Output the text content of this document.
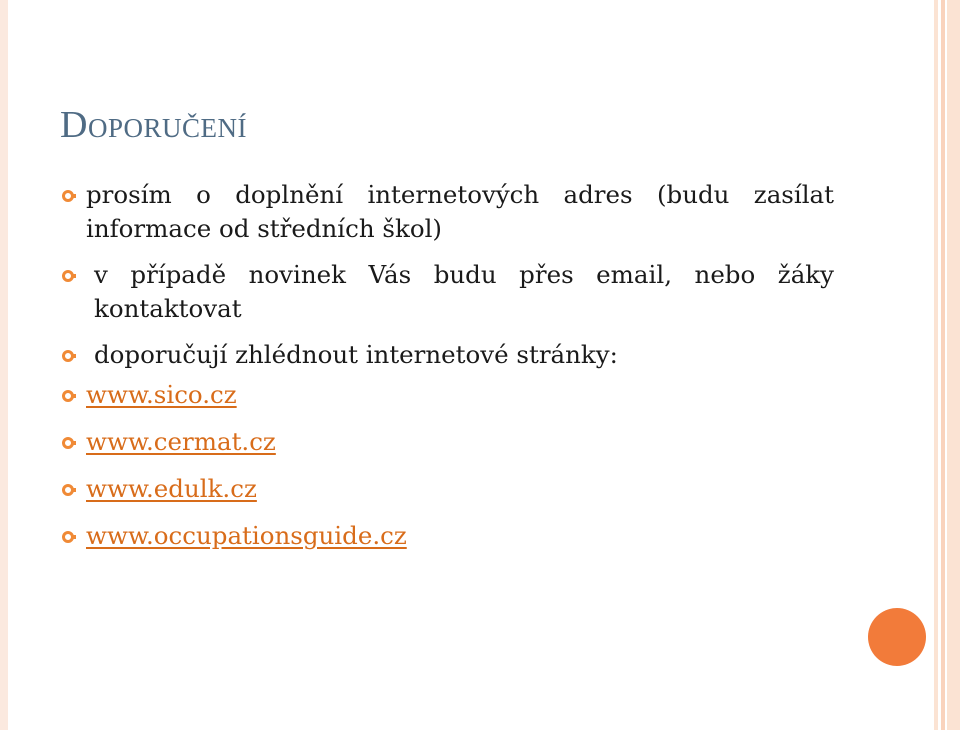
Doporučení
prosím o doplnění internetových adres (budu zasílat informace od středních škol)
v případě novinek Vás budu přes email, nebo žáky kontaktovat
doporučují zhlédnout internetové stránky:
www.sico.cz
www.cermat.cz
www.edulk.cz
www.occupationsguide.cz
